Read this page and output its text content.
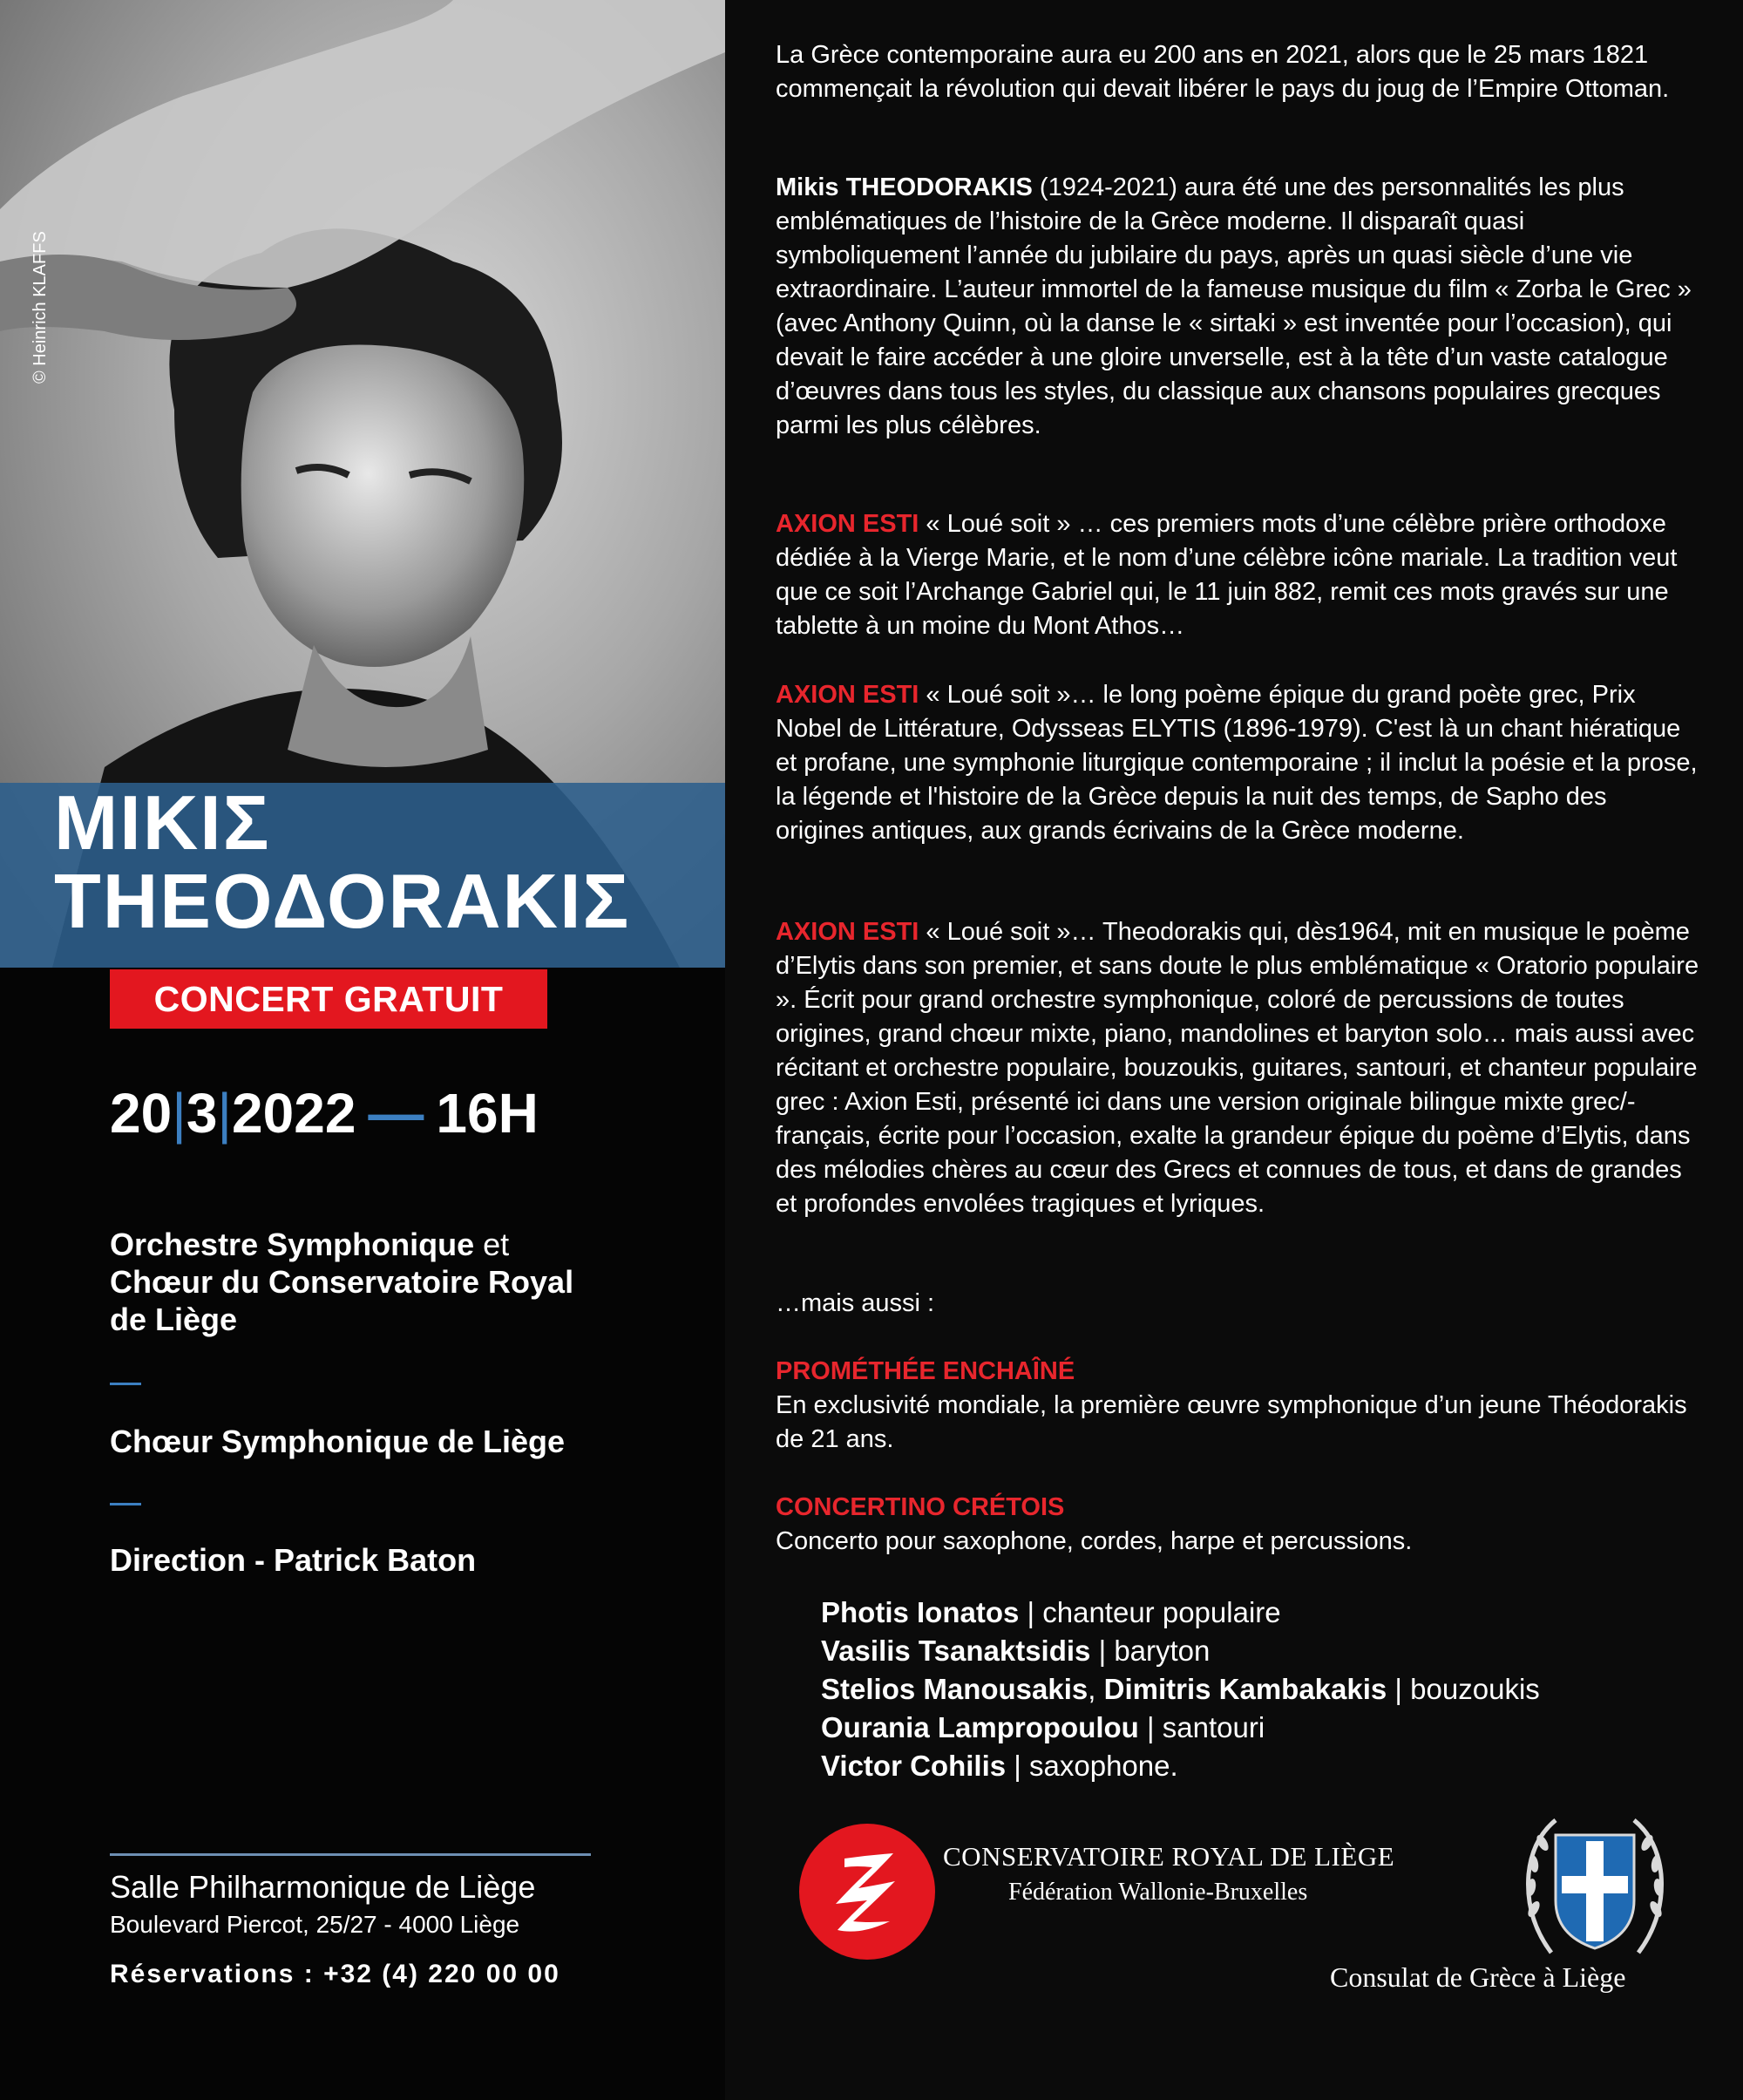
© Heinrich KLAFFS
ΜΙΚΙΣ
ΤΗΕΟΔΟRΑΚΙΣ
CONCERT GRATUIT
20|3|2022 — 16H
Orchestre Symphonique et
Chœur du Conservatoire Royal
de Liège
Chœur Symphonique de Liège
Direction - Patrick Baton
Salle Philharmonique de Liège
Boulevard Piercot, 25/27 - 4000 Liège
Réservations : +32 (4) 220 00 00
La Grèce contemporaine aura eu 200 ans en 2021, alors que le 25 mars 1821 commençait la révolution qui devait libérer le pays du joug de l’Empire Ottoman.
Mikis THEODORAKIS (1924-2021) aura été une des personnalités les plus emblématiques de l’histoire de la Grèce moderne. Il disparaît quasi symboliquement l’année du jubilaire du pays, après un quasi siècle d’une vie extraordinaire. L’auteur immortel de la fameuse musique du film « Zorba le Grec » (avec Anthony Quinn, où la danse le « sirtaki » est inventée pour l’occasion), qui devait le faire accéder à une gloire unverselle, est à la tête d’un vaste catalogue d’œuvres dans tous les styles, du classique aux chansons populaires grecques parmi les plus célèbres.
AXION ESTI « Loué soit » … ces premiers mots d’une célèbre prière orthodoxe dédiée à la Vierge Marie, et le nom d’une célèbre icône mariale. La tradition veut que ce soit l’Archange Gabriel qui, le 11 juin 882, remit ces mots gravés sur une tablette à un moine du Mont Athos…
AXION ESTI « Loué soit »… le long poème épique du grand poète grec, Prix Nobel de Littérature, Odysseas ELYTIS (1896-1979). C'est là un chant hiératique et profane, une symphonie liturgique contemporaine ; il inclut la poésie et la prose, la légende et l'histoire de la Grèce depuis la nuit des temps, de Sapho des origines antiques, aux grands écrivains de la Grèce moderne.
AXION ESTI « Loué soit »… Theodorakis qui, dès1964, mit en musique le poème d’Elytis dans son premier, et sans doute le plus emblématique « Oratorio populaire ». Écrit pour grand orchestre symphonique, coloré de percussions de toutes origines, grand chœur mixte, piano, mandolines et baryton solo… mais aussi avec récitant et orchestre populaire, bouzoukis, guitares, santouri, et chanteur populaire grec : Axion Esti, présenté ici dans une version originale bilingue mixte grec/-français, écrite pour l’occasion, exalte la grandeur épique du poème d’Elytis, dans des mélodies chères au cœur des Grecs et connues de tous, et dans de grandes et profondes envolées tragiques et lyriques.
…mais aussi :
PROMÉTHÉE ENCHAÎNÉ
En exclusivité mondiale, la première œuvre symphonique d’un jeune Théodorakis de 21 ans.
CONCERTINO CRÉTOIS
Concerto pour saxophone, cordes, harpe et percussions.
Photis Ionatos | chanteur populaire
Vasilis Tsanaktsidis | baryton
Stelios Manousakis, Dimitris Kambakakis | bouzoukis
Ourania Lampropoulou | santouri
Victor Cohilis | saxophone.
CONSERVATOIRE ROYAL DE LIÈGE
Fédération Wallonie-Bruxelles
Consulat de Grèce à Liège
